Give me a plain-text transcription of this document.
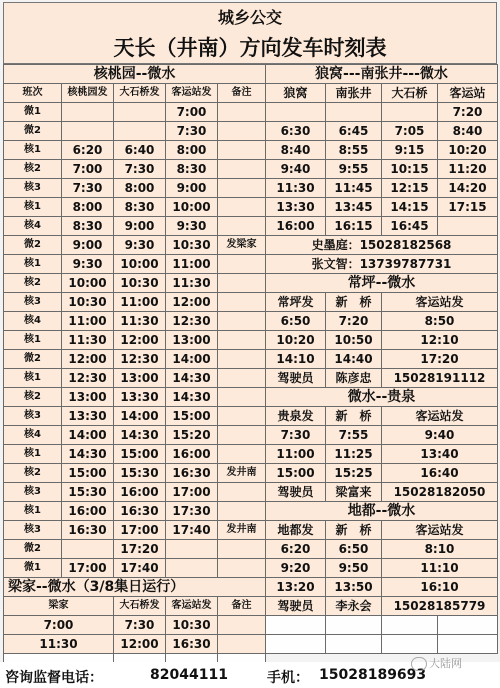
城乡公交
天长（井南）方向发车时刻表
核桃园--微水				
班次	核桃园发	大石桥发	客运站发	备注
微1			7:00	
微2			7:30	
核1	6:20	6:40	8:00	
核2	7:00	7:30	8:30	
核3	7:30	8:00	9:00	
核1	8:00	8:30	10:00	
核4	8:30	9:00	9:30	
微2	9:00	9:30	10:30	发梁家
核1	9:30	10:00	11:00	
核2	10:00	10:30	11:30	
核3	10:30	11:00	12:00	
核4	11:00	11:30	12:30	
核1	11:30	12:00	13:00	
微2	12:00	12:30	14:00	
核1	12:30	13:00	14:30	
核2	13:00	13:30	14:30	
核3	13:30	14:00	15:00	
核4	14:00	14:30	15:20	
核1	14:30	15:00	16:00	
核2	15:00	15:30	16:30	发井南
核3	15:30	16:00	17:00	
核1	16:00	16:30	17:30	
核3	16:30	17:00	17:40	发井南
微2		17:20		
微1	17:00	17:40		
梁家--微水（3/8集日运行）				
梁家		大石桥发	客运站发	备注
7:00		7:30	10:30	
11:30		12:00	16:30	

狼窝---南张井---微水			
狼窝	南张井	大石桥	客运站
			7:20
6:30	6:45	7:05	8:40
8:40	8:55	9:15	10:20
9:40	9:55	10:15	11:20
11:30	11:45	12:15	14:20
13:30	13:45	14:15	17:15
16:00	16:15	16:45	
史墨庭：15028182568			
张文智：13739787731			
常坪--微水			
常坪发	新　桥	客运站发	
6:50	7:20	8:50	
10:20	10:50	12:10	
14:10	14:40	17:20	
驾驶员	陈彦忠	15028191112	
微水--贵泉			
贵泉发	新　桥	客运站发	
7:30	7:55	9:40	
11:00	11:25	13:40	
15:00	15:25	16:40	
驾驶员	梁富来	15028182050	
地都--微水			
地都发	新　桥	客运站发	
6:20	6:50	8:10	
9:20	9:50	11:10	
13:20	13:50	16:10	
驾驶员	李永会	15028185779	

咨询监督电话：	82044111	手机： 15028189693
大陆网
